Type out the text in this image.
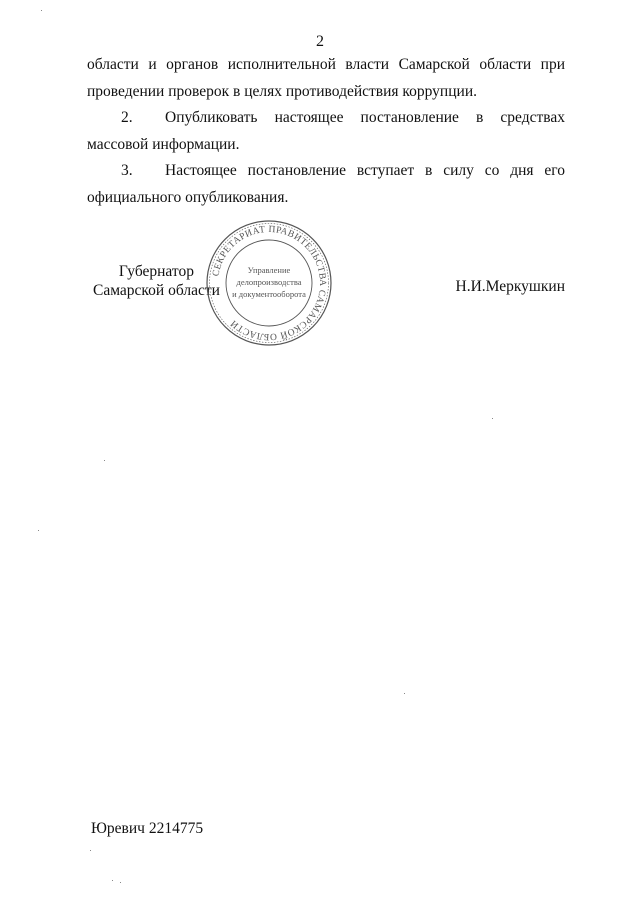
2

области и органов исполнительной власти Самарской области при

проведении проверок в целях противодействия коррупции.

2. Опубликовать настоящее постановление в средствах

массовой информации.

3. Настоящее постановление вступает в силу со дня его

официального опубликования.

Губернатор
Самарской области	Н.И.Меркушкин
СЕКРЕТАРИАТ ПРАВИТЕЛЬСТВА САМАРСКОЙ ОБЛАСТИ
Управление
делопроизводства
и документооборота
Юревич 2214775
